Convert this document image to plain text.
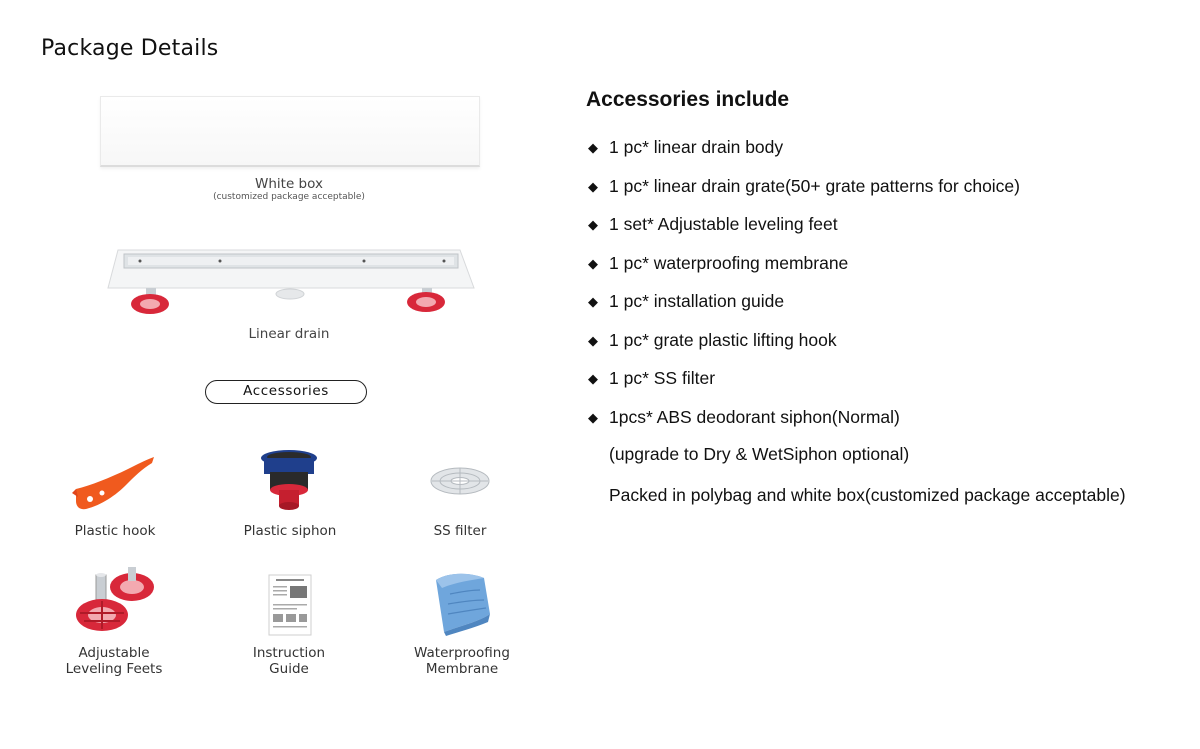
Package Details
White box
(customized package acceptable)
Linear drain
Accessories
Plastic hook	Plastic siphon	SS filter
Adjustable
Leveling Feets
Instruction
Guide
Waterproofing
Membrane
Accessories include
◆ 1 pc* linear drain body
◆ 1 pc* linear drain grate(50+ grate patterns for choice)
◆ 1 set* Adjustable leveling feet
◆ 1 pc* waterproofing membrane
◆ 1 pc* installation guide
◆ 1 pc* grate plastic lifting hook
◆ 1 pc* SS filter
◆ 1pcs* ABS deodorant siphon(Normal)
(upgrade to Dry & WetSiphon optional)
Packed in polybag and white box(customized package acceptable)
